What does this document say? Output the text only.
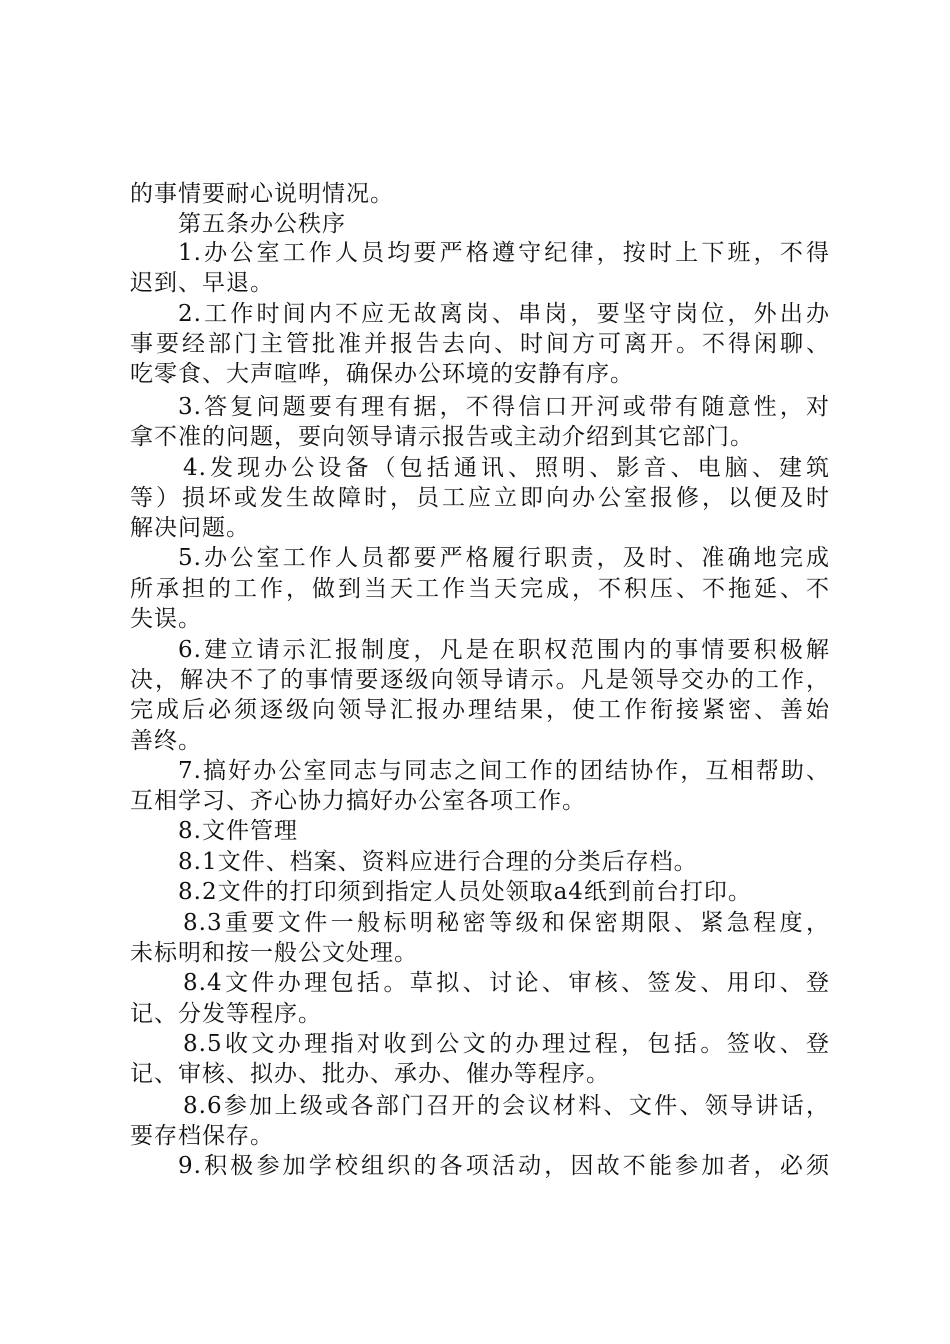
的事情要耐心说明情况。
第五条办公秩序
1.办公室工作人员均要严格遵守纪律，按时上下班，不得
迟到、早退。
2.工作时间内不应无故离岗、串岗，要坚守岗位，外出办
事要经部门主管批准并报告去向、时间方可离开。不得闲聊、
吃零食、大声喧哗，确保办公环境的安静有序。
3.答复问题要有理有据，不得信口开河或带有随意性，对
拿不准的问题，要向领导请示报告或主动介绍到其它部门。
4.发现办公设备（包括通讯、照明、影音、电脑、建筑
等）损坏或发生故障时，员工应立即向办公室报修，以便及时
解决问题。
5.办公室工作人员都要严格履行职责，及时、准确地完成
所承担的工作，做到当天工作当天完成，不积压、不拖延、不
失误。
6.建立请示汇报制度，凡是在职权范围内的事情要积极解
决，解决不了的事情要逐级向领导请示。凡是领导交办的工作，
完成后必须逐级向领导汇报办理结果，使工作衔接紧密、善始
善终。
7.搞好办公室同志与同志之间工作的团结协作，互相帮助、
互相学习、齐心协力搞好办公室各项工作。
8.文件管理
8.1文件、档案、资料应进行合理的分类后存档。
8.2文件的打印须到指定人员处领取a4纸到前台打印。
8.3重要文件一般标明秘密等级和保密期限、紧急程度，
未标明和按一般公文处理。
8.4文件办理包括。草拟、讨论、审核、签发、用印、登
记、分发等程序。
8.5收文办理指对收到公文的办理过程，包括。签收、登
记、审核、拟办、批办、承办、催办等程序。
8.6参加上级或各部门召开的会议材料、文件、领导讲话，
要存档保存。
9.积极参加学校组织的各项活动，因故不能参加者，必须
